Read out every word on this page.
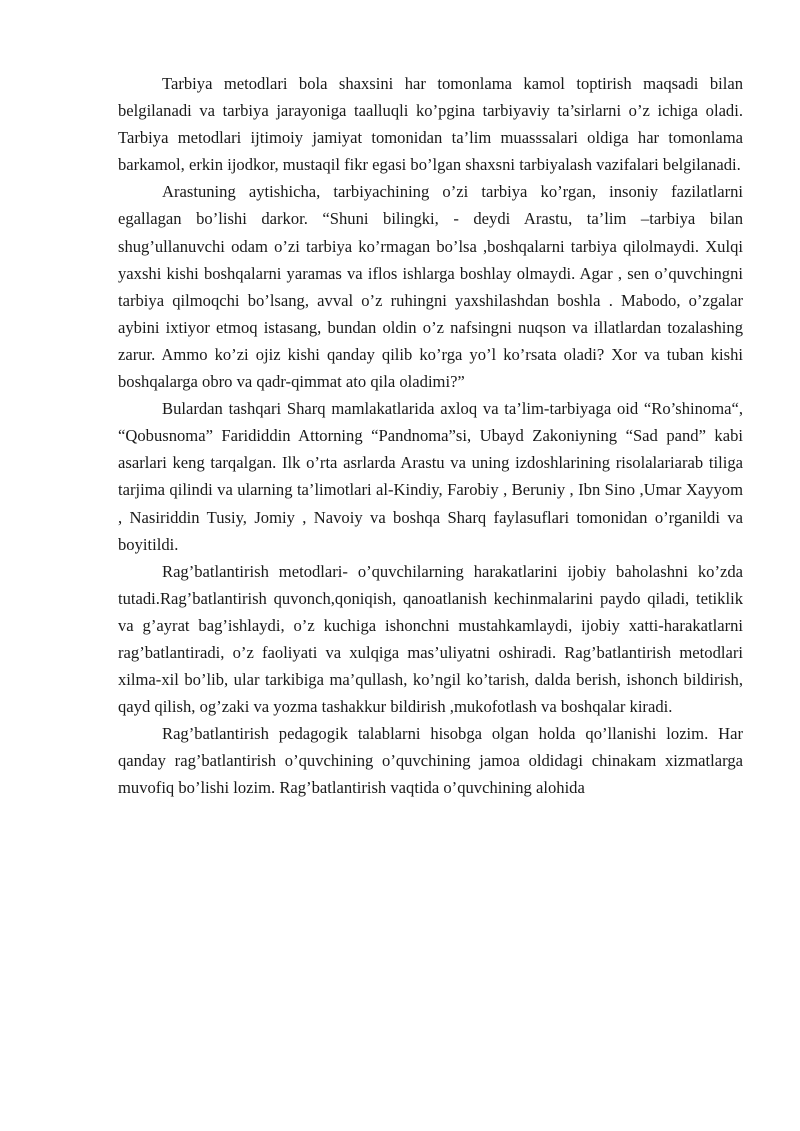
Tarbiya metodlari bola shaxsini har tomonlama kamol toptirish maqsadi bilan belgilanadi va tarbiya jarayoniga taalluqli ko’pgina tarbiyaviy ta’sirlarni o’z ichiga oladi. Tarbiya metodlari ijtimoiy jamiyat tomonidan ta’lim muasssalari oldiga har tomonlama barkamol, erkin ijodkor, mustaqil fikr egasi bo’lgan shaxsni tarbiyalash vazifalari belgilanadi.

Arastuning aytishicha, tarbiyachining o’zi tarbiya ko’rgan, insoniy fazilatlarni egallagan bo’lishi darkor. “Shuni bilingki, - deydi Arastu, ta’lim –tarbiya bilan shug’ullanuvchi odam o’zi tarbiya ko’rmagan bo’lsa ,boshqalarni tarbiya qilolmaydi. Xulqi yaxshi kishi boshqalarni yaramas va iflos ishlarga boshlay olmaydi. Agar , sen o’quvchingni tarbiya qilmoqchi bo’lsang, avval o’z ruhingni yaxshilashdan boshla . Mabodo, o’zgalar aybini ixtiyor etmoq istasang, bundan oldin o’z nafsingni nuqson va illatlardan tozalashing zarur. Ammo ko’zi ojiz kishi qanday qilib ko’rga yo’l ko’rsata oladi? Xor va tuban kishi boshqalarga obro va qadr-qimmat ato qila oladimi?”

Bulardan tashqari Sharq mamlakatlarida axloq va ta’lim-tarbiyaga oid “Ro’shinoma“, “Qobusnoma” Farididdin Attorning “Pandnoma”si, Ubayd Zakoniyning “Sad pand” kabi asarlari keng tarqalgan. Ilk o’rta asrlarda Arastu va uning izdoshlarining risolalariarab tiliga tarjima qilindi va ularning ta’limotlari al-Kindiy, Farobiy , Beruniy , Ibn Sino ,Umar Xayyom , Nasiriddin Tusiy, Jomiy , Navoiy va boshqa Sharq faylasuflari tomonidan o’rganildi va boyitildi.

Rag’batlantirish metodlari- o’quvchilarning harakatlarini ijobiy baholashni ko’zda tutadi.Rag’batlantirish quvonch,qoniqish, qanoatlanish kechinmalarini paydo qiladi, tetiklik va g’ayrat bag’ishlaydi, o’z kuchiga ishonchni mustahkamlaydi, ijobiy xatti-harakatlarni rag’batlantiradi, o’z faoliyati va xulqiga mas’uliyatni oshiradi. Rag’batlantirish metodlari xilma-xil bo’lib, ular tarkibiga ma’qullash, ko’ngil ko’tarish, dalda berish, ishonch bildirish, qayd qilish, og’zaki va yozma tashakkur bildirish ,mukofotlash va boshqalar kiradi.

Rag’batlantirish pedagogik talablarni hisobga olgan holda qo’llanishi lozim. Har qanday rag’batlantirish o’quvchining o’quvchining jamoa oldidagi chinakam xizmatlarga muvofiq bo’lishi lozim. Rag’batlantirish vaqtida o’quvchining alohida
